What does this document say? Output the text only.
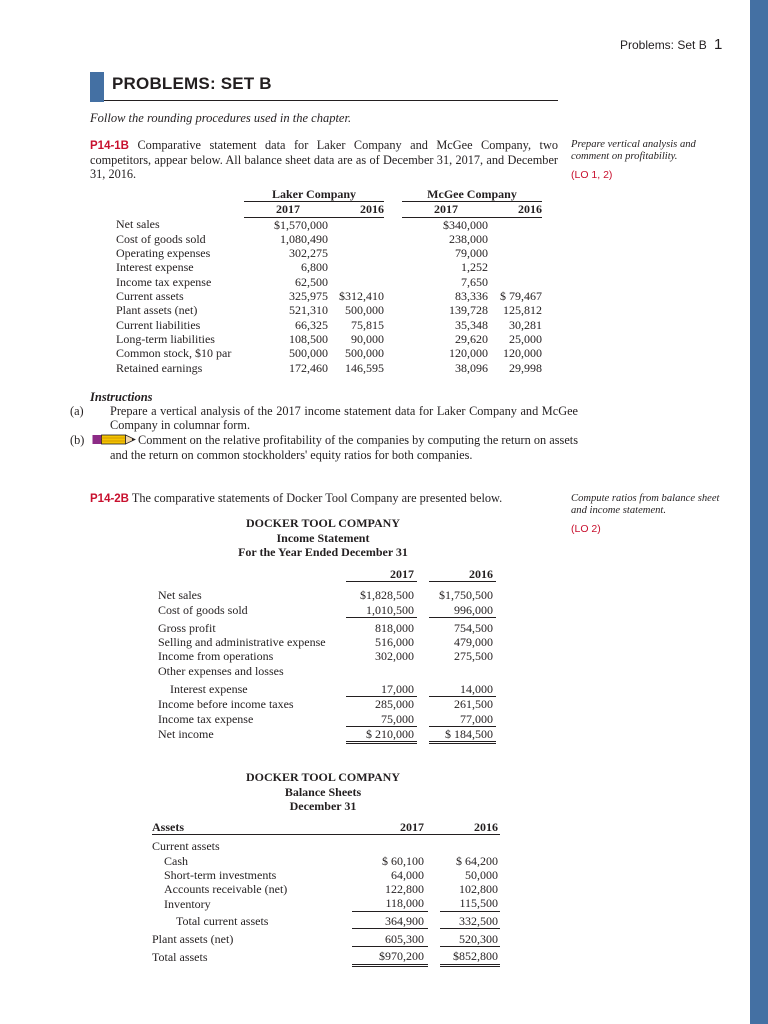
Problems: Set B 1
PROBLEMS: SET B
Follow the rounding procedures used in the chapter.
P14-1B Comparative statement data for Laker Company and McGee Company, two competitors, appear below. All balance sheet data are as of December 31, 2017, and December 31, 2016.
Prepare vertical analysis and comment on profitability.
(LO 1, 2)
	Laker Company			McGee Company	
	2017	2016		2017	2016
Net sales	$1,570,000			$340,000	
Cost of goods sold	1,080,490			238,000	
Operating expenses	302,275			79,000	
Interest expense	6,800			1,252	
Income tax expense	62,500			7,650	
Current assets	325,975	$312,410		83,336	$ 79,467
Plant assets (net)	521,310	500,000		139,728	125,812
Current liabilities	66,325	75,815		35,348	30,281
Long-term liabilities	108,500	90,000		29,620	25,000
Common stock, $10 par	500,000	500,000		120,000	120,000
Retained earnings	172,460	146,595		38,096	29,998
Instructions
(a) Prepare a vertical analysis of the 2017 income statement data for Laker Company and McGee Company in columnar form.
(b)	Comment on the relative profitability of the companies by computing the return on assets and the return on common stockholders' equity ratios for both companies.
P14-2B The comparative statements of Docker Tool Company are presented below.	Compute ratios from balance sheet and income statement.
(LO 2)
DOCKER TOOL COMPANY
Income Statement
For the Year Ended December 31
	2017		2016

Net sales	$1,828,500		$1,750,500
Cost of goods sold	1,010,500		996,000
Gross profit	818,000		754,500
Selling and administrative expense	516,000		479,000
Income from operations	302,000		275,500
Other expenses and losses			
Interest expense	17,000		14,000
Income before income taxes	285,000		261,500
Income tax expense	75,000		77,000
Net income	$ 210,000		$ 184,500
DOCKER TOOL COMPANY
Balance Sheets
December 31
Assets	2017		2016

Current assets			
Cash	$ 60,100		$ 64,200
Short-term investments	64,000		50,000
Accounts receivable (net)	122,800		102,800
Inventory	118,000		115,500
Total current assets	364,900		332,500
Plant assets (net)	605,300		520,300
Total assets	$970,200		$852,800
